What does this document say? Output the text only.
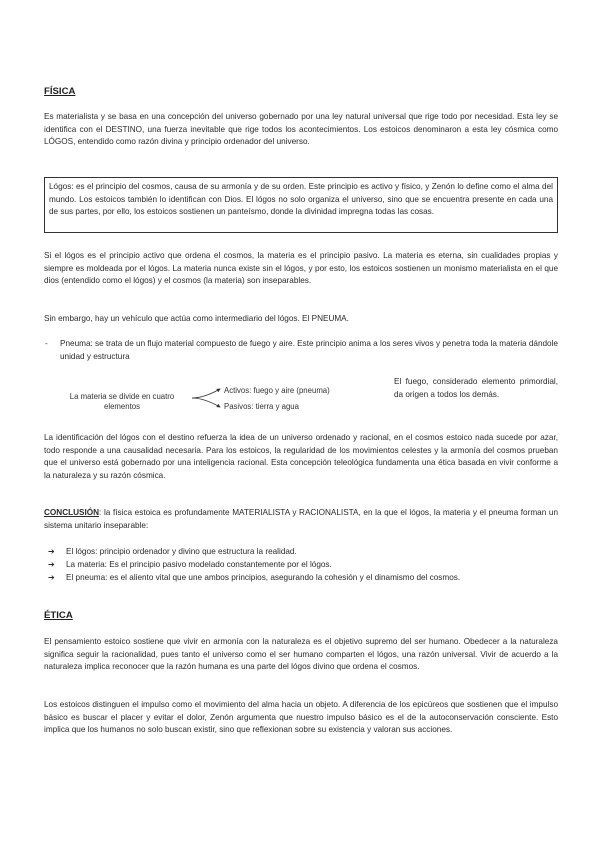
FÍSICA

Es materialista y se basa en una concepción del universo gobernado por una ley natural universal que rige todo por necesidad. Esta ley se identifica con el DESTINO, una fuerza inevitable que rige todos los acontecimientos. Los estoicos denominaron a esta ley cósmica como LÓGOS, entendido como razón divina y principio ordenador del universo.

Lógos: es el principio del cosmos, causa de su armonía y de su orden. Este principio es activo y físico, y Zenón lo define como el alma del mundo. Los estoicos también lo identifican con Dios. El lógos no solo organiza el universo, sino que se encuentra presente en cada una de sus partes, por ello, los estoicos sostienen un panteísmo, donde la divinidad impregna todas las cosas.

Si el lógos es el principio activo que ordena el cosmos, la materia es el principio pasivo. La materia es eterna, sin cualidades propias y siempre es moldeada por el lógos. La materia nunca existe sin el lógos, y por esto, los estoicos sostienen un monismo materialista en el que dios (entendido como el lógos) y el cosmos (la materia) son inseparables.

Sin embargo, hay un vehículo que actúa como intermediario del lógos. El PNEUMA.

- Pneuma: se trata de un flujo material compuesto de fuego y aire. Este principio anima a los seres vivos y penetra toda la materia dándole unidad y estructura

La materia se divide en cuatro
elementos
Activos: fuego y aire (pneuma)
Pasivos: tierra y agua

El fuego, considerado elemento primordial, da origen a todos los demás.

La identificación del lógos con el destino refuerza la idea de un universo ordenado y racional, en el cosmos estoico nada sucede por azar, todo responde a una causalidad necesaria. Para los estoicos, la regularidad de los movimientos celestes y la armonía del cosmos prueban que el universo está gobernado por una inteligencia racional. Esta concepción teleológica fundamenta una ética basada en vivir conforme a la naturaleza y su razón cósmica.

CONCLUSIÓN: la física estoica es profundamente MATERIALISTA y RACIONALISTA, en la que el lógos, la materia y el pneuma forman un sistema unitario inseparable:

➔ El lógos: principio ordenador y divino que estructura la realidad.
➔ La materia: Es el principio pasivo modelado constantemente por el lógos.
➔ El pneuma: es el aliento vital que une ambos principios, asegurando la cohesión y el dinamismo del cosmos.
ÉTICA

El pensamiento estoico sostiene que vivir en armonía con la naturaleza es el objetivo supremo del ser humano. Obedecer a la naturaleza significa seguir la racionalidad, pues tanto el universo como el ser humano comparten el lógos, una razón universal. Vivir de acuerdo a la naturaleza implica reconocer que la razón humana es una parte del lógos divino que ordena el cosmos.

Los estoicos distinguen el impulso como el movimiento del alma hacia un objeto. A diferencia de los epicúreos que sostienen que el impulso básico es buscar el placer y evitar el dolor, Zenón argumenta que nuestro impulso básico es el de la autoconservación consciente. Esto implica que los humanos no solo buscan existir, sino que reflexionan sobre su existencia y valoran sus acciones.
